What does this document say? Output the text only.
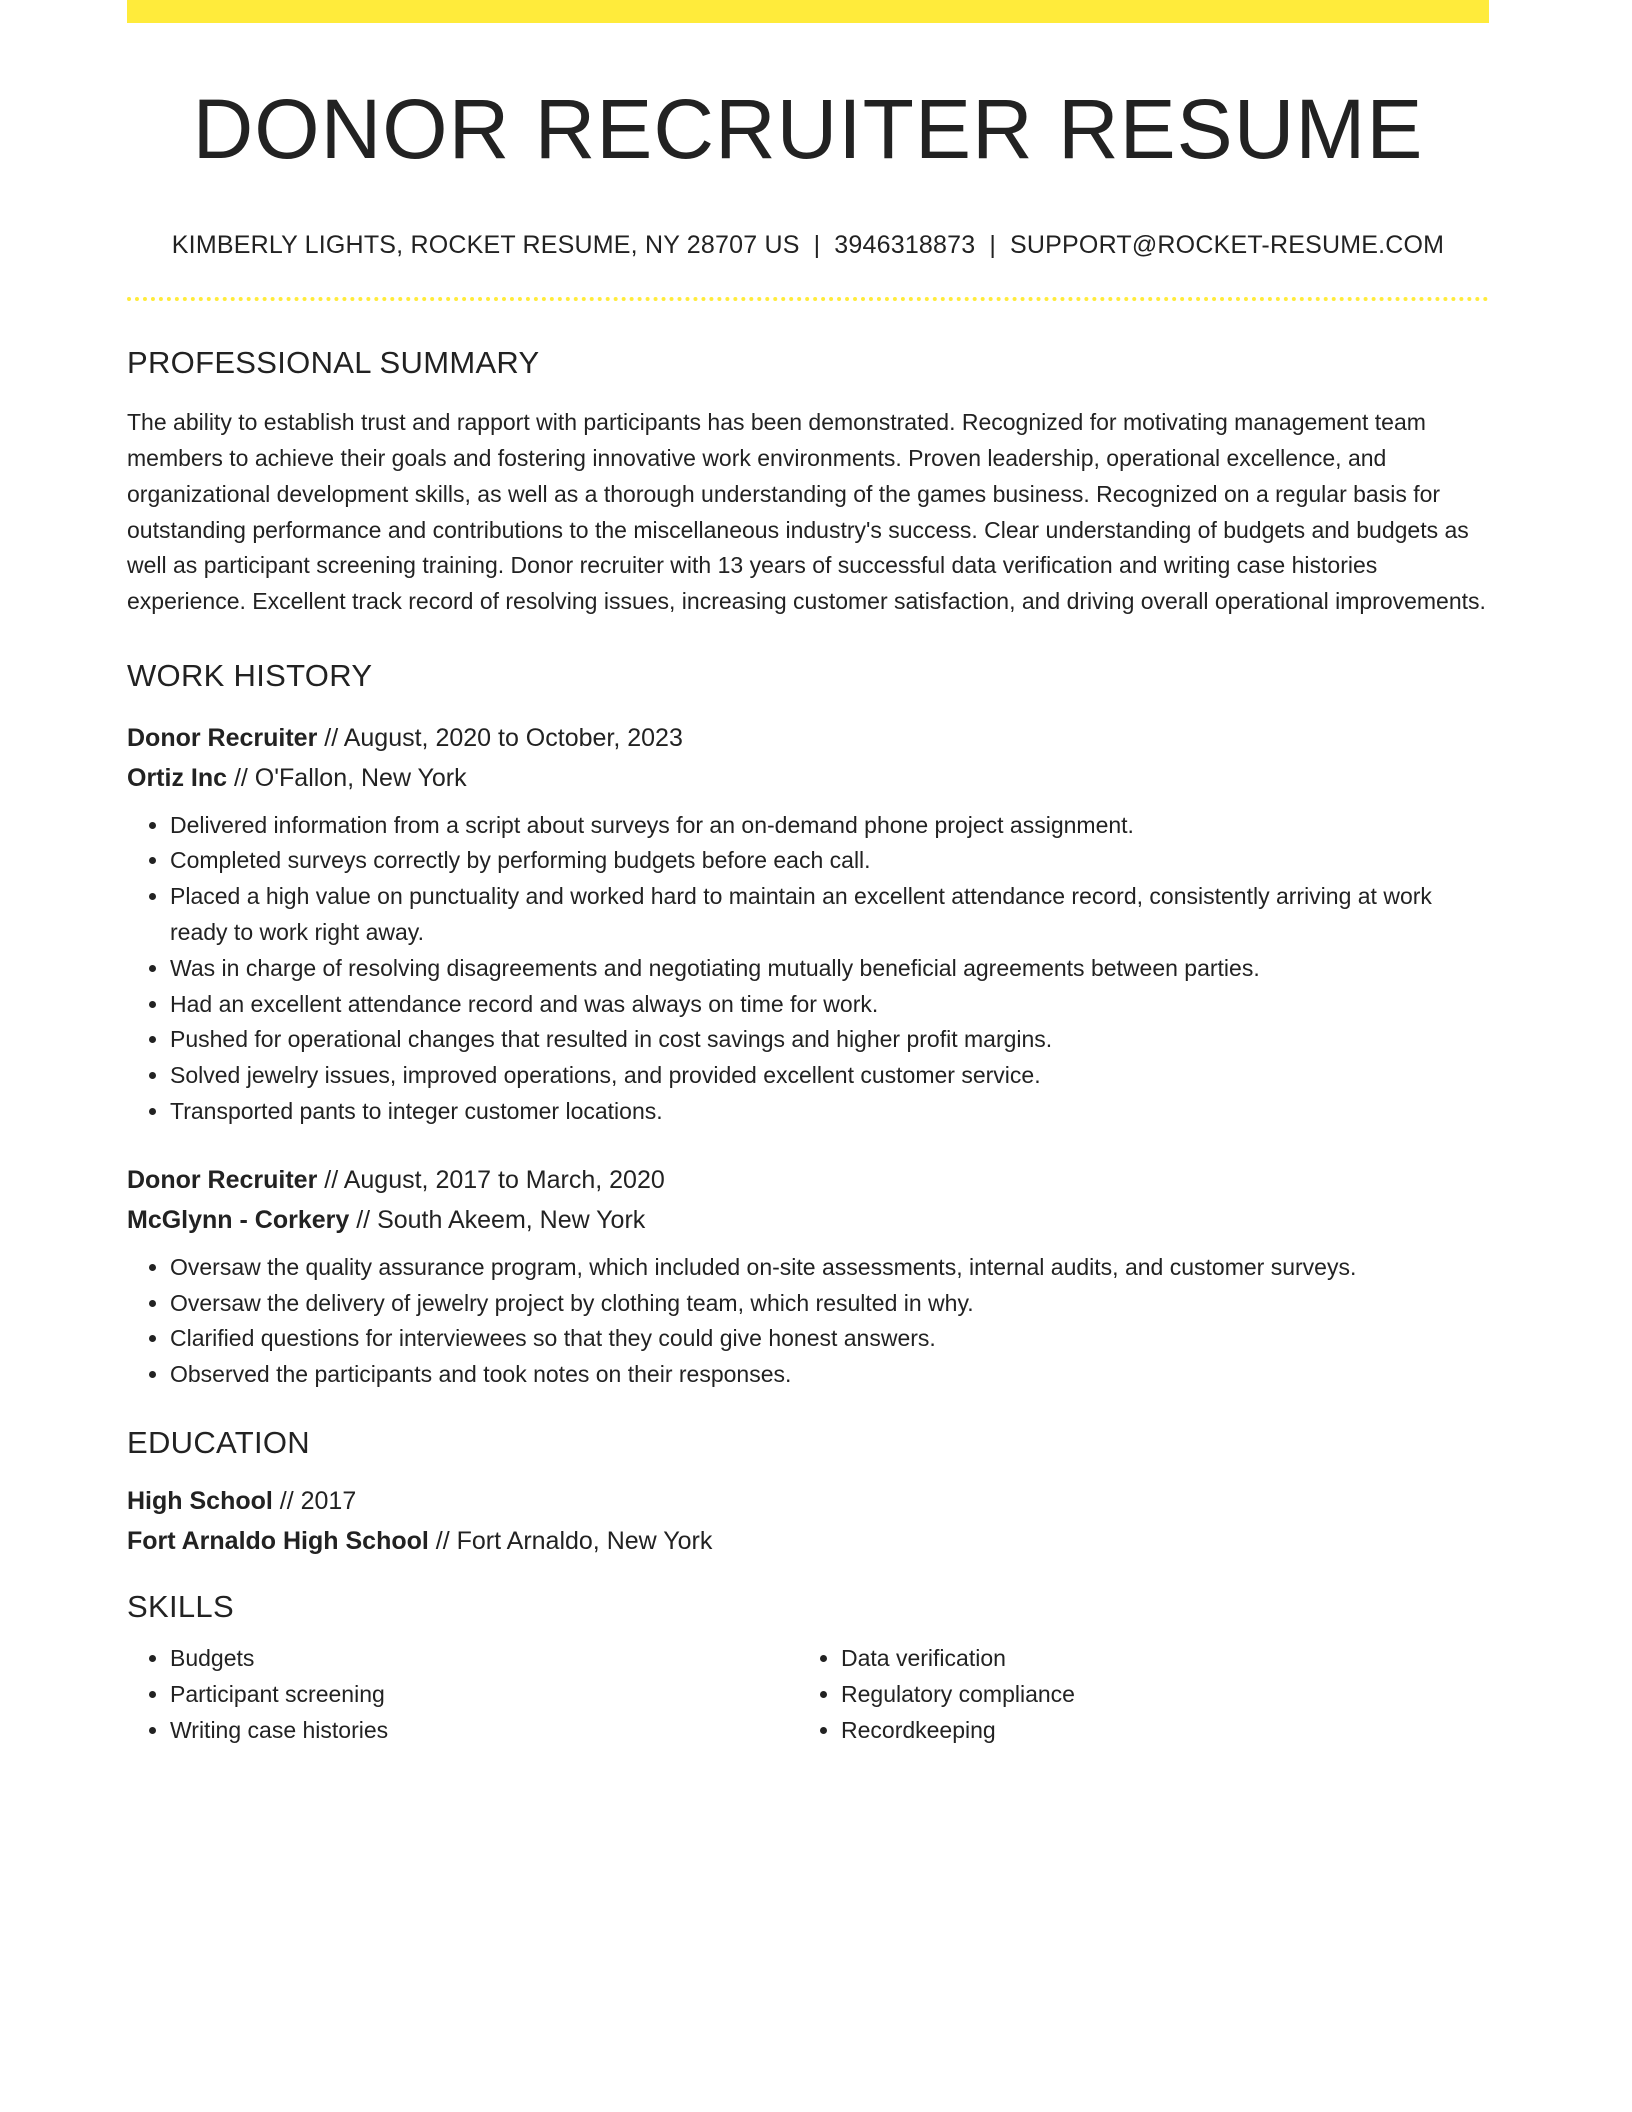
DONOR RECRUITER RESUME
KIMBERLY LIGHTS, ROCKET RESUME, NY 28707 US | 3946318873 | SUPPORT@ROCKET-RESUME.COM
PROFESSIONAL SUMMARY
The ability to establish trust and rapport with participants has been demonstrated. Recognized for motivating management team members to achieve their goals and fostering innovative work environments. Proven leadership, operational excellence, and organizational development skills, as well as a thorough understanding of the games business. Recognized on a regular basis for outstanding performance and contributions to the miscellaneous industry's success. Clear understanding of budgets and budgets as well as participant screening training. Donor recruiter with 13 years of successful data verification and writing case histories experience. Excellent track record of resolving issues, increasing customer satisfaction, and driving overall operational improvements.
WORK HISTORY
Donor Recruiter // August, 2020 to October, 2023
Ortiz Inc // O'Fallon, New York
• Delivered information from a script about surveys for an on-demand phone project assignment.
• Completed surveys correctly by performing budgets before each call.
• Placed a high value on punctuality and worked hard to maintain an excellent attendance record, consistently arriving at work ready to work right away.
• Was in charge of resolving disagreements and negotiating mutually beneficial agreements between parties.
• Had an excellent attendance record and was always on time for work.
• Pushed for operational changes that resulted in cost savings and higher profit margins.
• Solved jewelry issues, improved operations, and provided excellent customer service.
• Transported pants to integer customer locations.
Donor Recruiter // August, 2017 to March, 2020
McGlynn - Corkery // South Akeem, New York
• Oversaw the quality assurance program, which included on-site assessments, internal audits, and customer surveys.
• Oversaw the delivery of jewelry project by clothing team, which resulted in why.
• Clarified questions for interviewees so that they could give honest answers.
• Observed the participants and took notes on their responses.
EDUCATION
High School // 2017
Fort Arnaldo High School // Fort Arnaldo, New York
SKILLS
• Budgets
• Participant screening
• Writing case histories
• Data verification
• Regulatory compliance
• Recordkeeping
